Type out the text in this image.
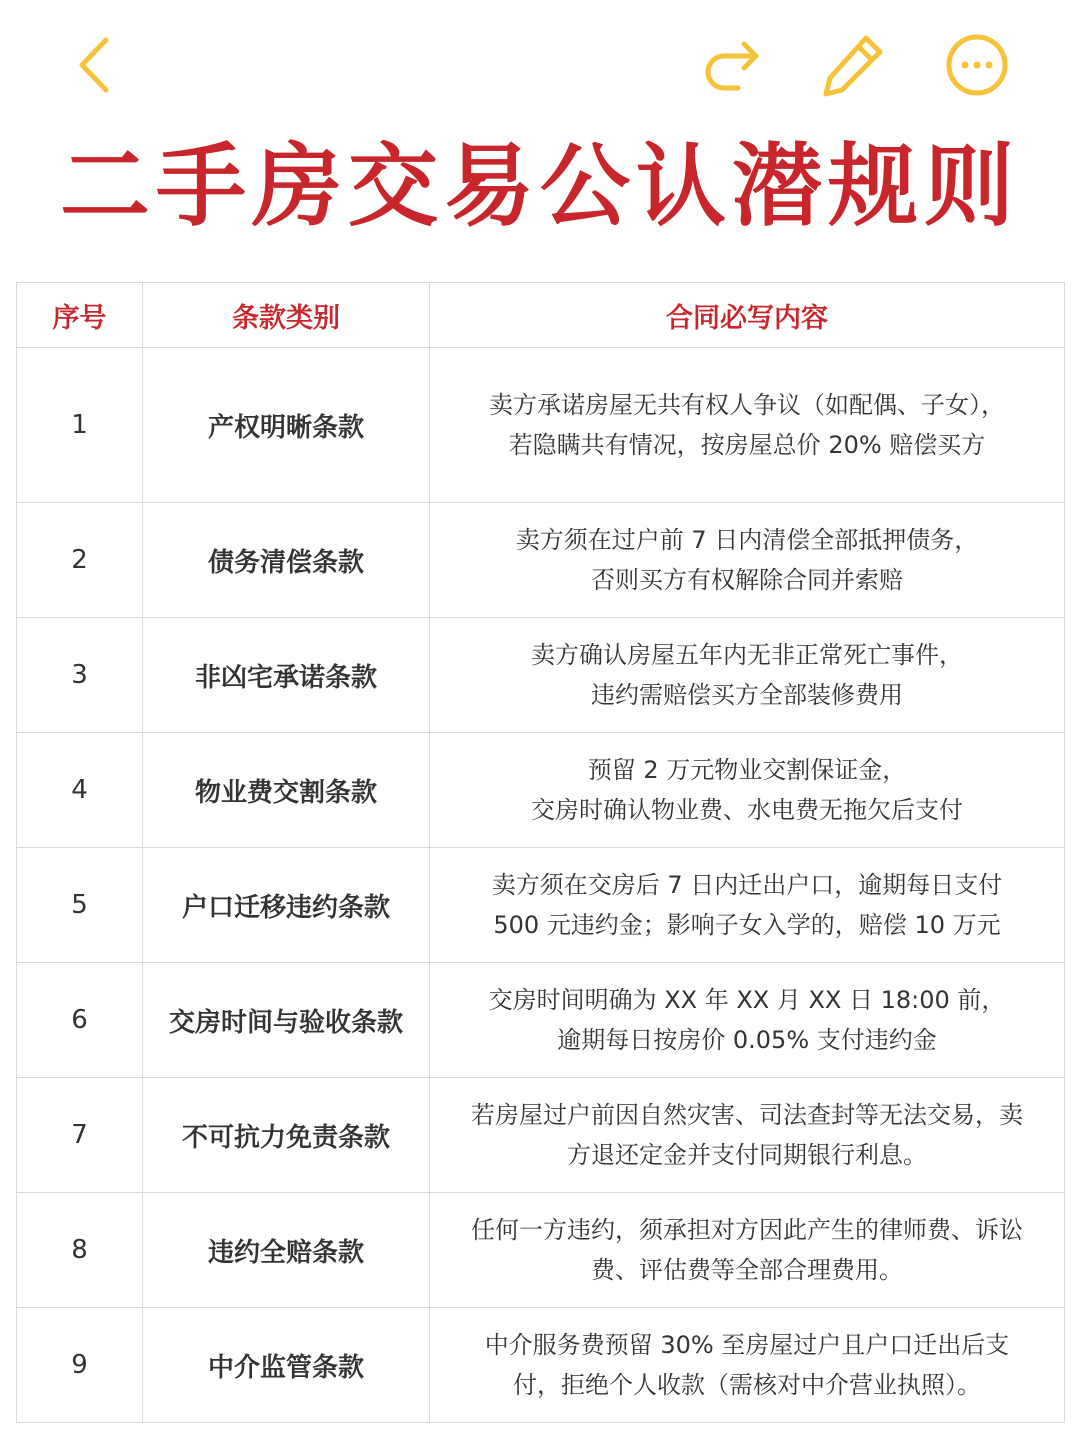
二手房交易公认潜规则
序号	条款类别	合同必写内容
1	产权明晰条款	卖方承诺房屋无共有权人争议（如配偶、子女），
若隐瞒共有情况，按房屋总价 20% 赔偿买方

2	债务清偿条款	卖方须在过户前 7 日内清偿全部抵押债务，
否则买方有权解除合同并索赔

3	非凶宅承诺条款	卖方确认房屋五年内无非正常死亡事件，
违约需赔偿买方全部装修费用

4	物业费交割条款	预留 2 万元物业交割保证金，
交房时确认物业费、水电费无拖欠后支付

5	户口迁移违约条款	卖方须在交房后 7 日内迁出户口，逾期每日支付
500 元违约金；影响子女入学的，赔偿 10 万元

6	交房时间与验收条款	交房时间明确为 XX 年 XX 月 XX 日 18:00 前，
逾期每日按房价 0.05% 支付违约金

7	不可抗力免责条款	若房屋过户前因自然灾害、司法查封等无法交易，卖
方退还定金并支付同期银行利息。

8	违约全赔条款	任何一方违约，须承担对方因此产生的律师费、诉讼
费、评估费等全部合理费用。

9	中介监管条款	中介服务费预留 30% 至房屋过户且户口迁出后支
付，拒绝个人收款（需核对中介营业执照）。
